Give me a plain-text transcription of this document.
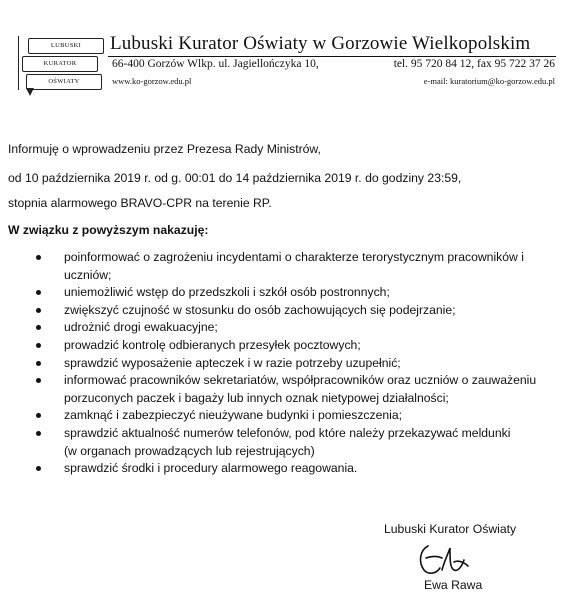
LUBUSKI
KURATOR
OŚWIATY
Lubuski Kurator Oświaty w Gorzowie Wielkopolskim
66-400 Gorzów Wlkp. ul. Jagiellończyka 10,	tel. 95 720 84 12, fax 95 722 37 26
www.ko-gorzow.edu.pl	e-mail: kuratorium@ko-gorzow.edu.pl
Informuję o wprowadzeniu przez Prezesa Rady Ministrów,
od 10 października 2019 r. od g. 00:01 do 14 października 2019 r. do godziny 23:59,
stopnia alarmowego BRAVO-CPR na terenie RP.
W związku z powyższym nakazuję:
poinformować o zagrożeniu incydentami o charakterze terorystycznym pracowników i
uczniów;
uniemożliwić wstęp do przedszkoli i szkół osób postronnych;
zwiększyć czujność w stosunku do osób zachowujących się podejrzanie;
udrożnić drogi ewakuacyjne;
prowadzić kontrolę odbieranych przesyłek pocztowych;
sprawdzić wyposażenie apteczek i w razie potrzeby uzupełnić;
informować pracowników sekretariatów, współpracowników oraz uczniów o zauważeniu
porzuconych paczek i bagaży lub innych oznak nietypowej działalności;
zamknąć i zabezpieczyć nieużywane budynki i pomieszczenia;
sprawdzić aktualność numerów telefonów, pod które należy przekazywać meldunki
(w organach prowadzących lub rejestrujących)
sprawdzić środki i procedury alarmowego reagowania.
Lubuski Kurator Oświaty
Ewa Rawa
